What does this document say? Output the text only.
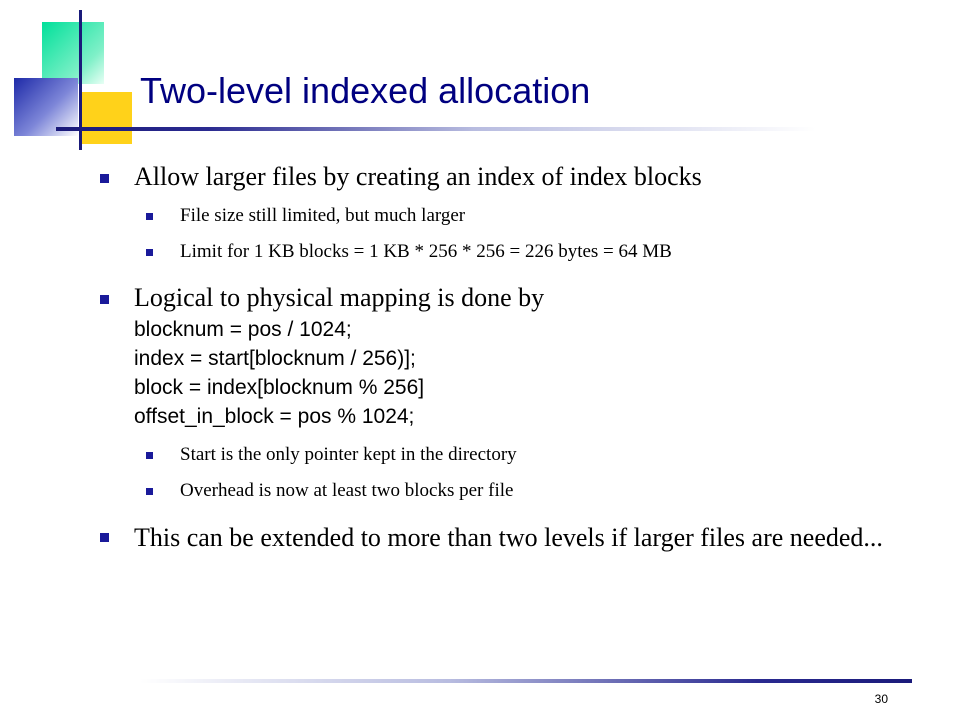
Two-level indexed allocation

Allow larger files by creating an index of index blocks

File size still limited, but much larger

Limit for 1 KB blocks = 1 KB * 256 * 256 = 226 bytes = 64 MB

Logical to physical mapping is done by
blocknum = pos / 1024;
index = start[blocknum / 256)];
block = index[blocknum % 256]
offset_in_block = pos % 1024;

Start is the only pointer kept in the directory

Overhead is now at least two blocks per file

This can be extended to more than two levels if larger files are needed...

30
